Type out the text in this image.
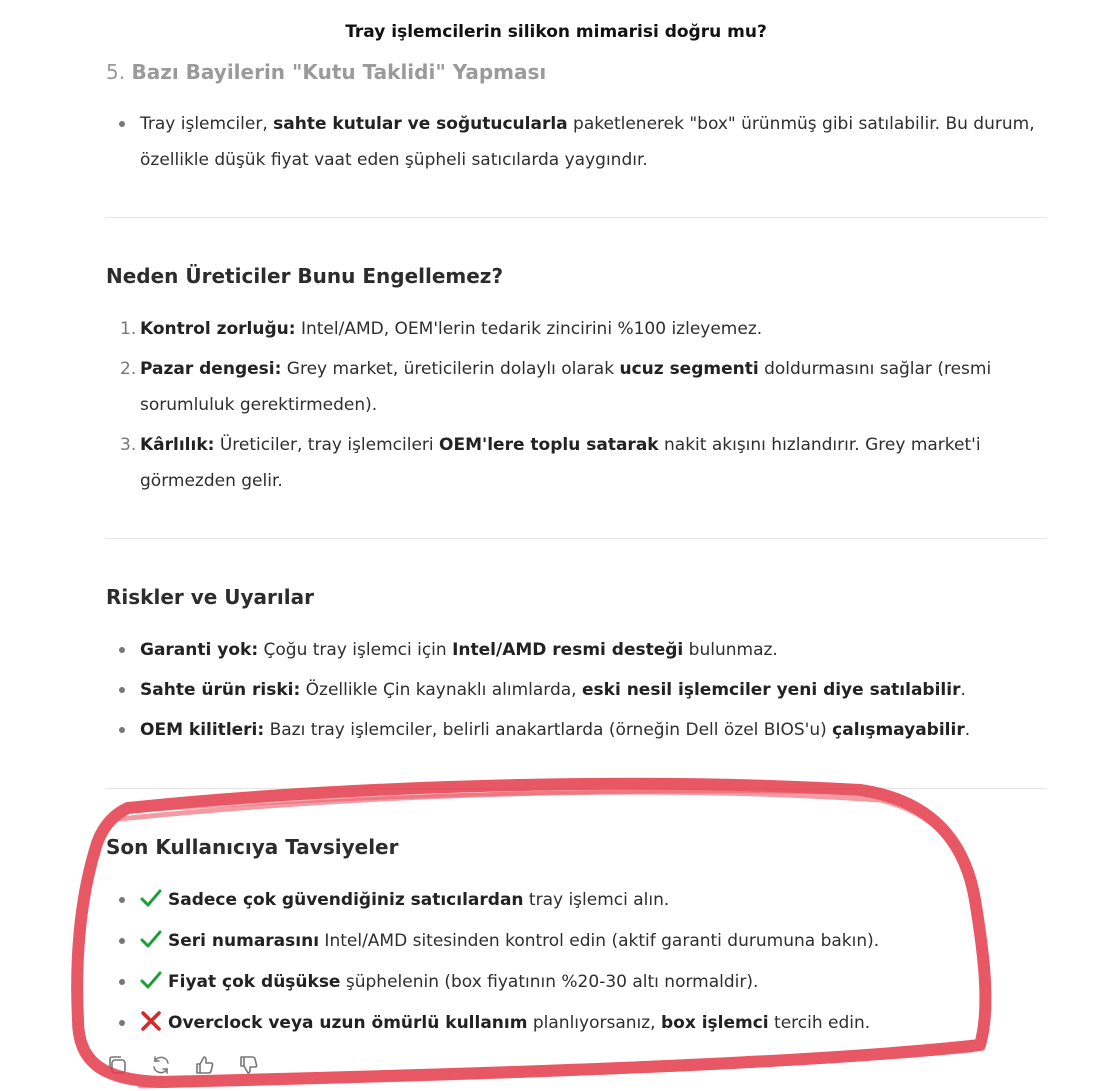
Tray işlemcilerin silikon mimarisi doğru mu?
5. Bazı Bayilerin "Kutu Taklidi" Yapması
Tray işlemciler, sahte kutular ve soğutucularla paketlenerek "box" ürünmüş gibi satılabilir. Bu durum, özellikle düşük fiyat vaat eden şüpheli satıcılarda yaygındır.
Neden Üreticiler Bunu Engellemez?
1. Kontrol zorluğu: Intel/AMD, OEM'lerin tedarik zincirini %100 izleyemez.
2. Pazar dengesi: Grey market, üreticilerin dolaylı olarak ucuz segmenti doldurmasını sağlar (resmi sorumluluk gerektirmeden).
3. Kârlılık: Üreticiler, tray işlemcileri OEM'lere toplu satarak nakit akışını hızlandırır. Grey market'i görmezden gelir.
Riskler ve Uyarılar
Garanti yok: Çoğu tray işlemci için Intel/AMD resmi desteği bulunmaz.
Sahte ürün riski: Özellikle Çin kaynaklı alımlarda, eski nesil işlemciler yeni diye satılabilir.
OEM kilitleri: Bazı tray işlemciler, belirli anakartlarda (örneğin Dell özel BIOS'u) çalışmayabilir.
Son Kullanıcıya Tavsiyeler
Sadece çok güvendiğiniz satıcılardan tray işlemci alın.
Seri numarasını Intel/AMD sitesinden kontrol edin (aktif garanti durumuna bakın).
Fiyat çok düşükse şüphelenin (box fiyatının %20-30 altı normaldir).
Overclock veya uzun ömürlü kullanım planlıyorsanız, box işlemci tercih edin.
